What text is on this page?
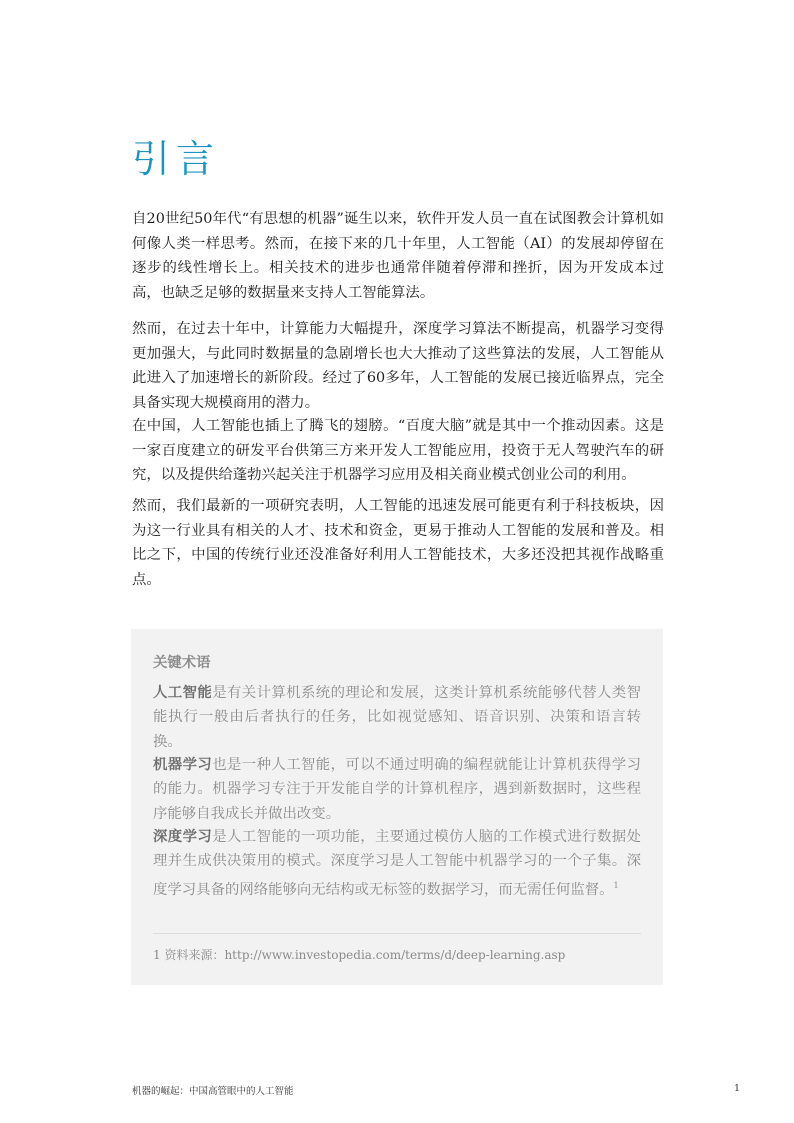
引言

自20世纪50年代“有思想的机器”诞生以来，软件开发人员一直在试图教会计算机如何像人类一样思考。然而，在接下来的几十年里，人工智能（AI）的发展却停留在逐步的线性增长上。相关技术的进步也通常伴随着停滞和挫折，因为开发成本过高，也缺乏足够的数据量来支持人工智能算法。

然而，在过去十年中，计算能力大幅提升，深度学习算法不断提高，机器学习变得更加强大，与此同时数据量的急剧增长也大大推动了这些算法的发展，人工智能从此进入了加速增长的新阶段。经过了60多年，人工智能的发展已接近临界点，完全具备实现大规模商用的潜力。

在中国，人工智能也插上了腾飞的翅膀。“百度大脑”就是其中一个推动因素。这是一家百度建立的研发平台供第三方来开发人工智能应用，投资于无人驾驶汽车的研究，以及提供给蓬勃兴起关注于机器学习应用及相关商业模式创业公司的利用。

然而，我们最新的一项研究表明，人工智能的迅速发展可能更有利于科技板块，因为这一行业具有相关的人才、技术和资金，更易于推动人工智能的发展和普及。相比之下，中国的传统行业还没准备好利用人工智能技术，大多还没把其视作战略重点。

关键术语

人工智能是有关计算机系统的理论和发展，这类计算机系统能够代替人类智能执行一般由后者执行的任务，比如视觉感知、语音识别、决策和语言转换。

机器学习也是一种人工智能，可以不通过明确的编程就能让计算机获得学习的能力。机器学习专注于开发能自学的计算机程序，遇到新数据时，这些程序能够自我成长并做出改变。

深度学习是人工智能的一项功能，主要通过模仿人脑的工作模式进行数据处理并生成供决策用的模式。深度学习是人工智能中机器学习的一个子集。深度学习具备的网络能够向无结构或无标签的数据学习，而无需任何监督。$^1$

1 资料来源：http://www.investopedia.com/terms/d/deep-learning.asp
机器的崛起：中国高管眼中的人工智能	1
